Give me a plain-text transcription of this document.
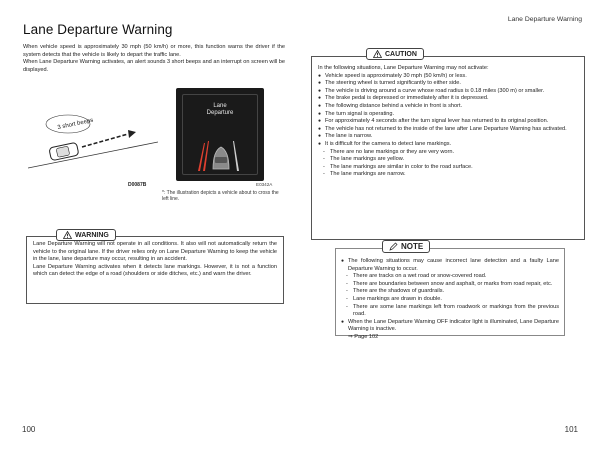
Lane Departure Warning
Lane Departure Warning

When vehicle speed is approximately 30 mph (50 km/h) or more, this function warns the driver if the system detects that the vehicle is likely to depart the traffic lane.

When Lane Departure Warning activates, an alert sounds 3 short beeps and an interrupt on screen will be displayed.

3 short beeps
D0087B
Lane
Departure
E0342A
*: The illustration depicts a vehicle about to cross the left line.

Lane Departure Warning will not operate in all conditions. It also will not automatically return the vehicle to the original lane. If the driver relies only on Lane Departure Warning to keep the vehicle in the lane, lane departure may occur, resulting in an accident.

Lane Departure Warning activates when it detects lane markings. However, it is not a function which can detect the edge of a road (shoulders or side ditches, etc.) and warn the driver.

WARNING
In the following situations, Lane Departure Warning may not activate:
● Vehicle speed is approximately 30 mph (50 km/h) or less.
● The steering wheel is turned significantly to either side.
● The vehicle is driving around a curve whose road radius is 0.18 miles (300 m) or smaller.
● The brake pedal is depressed or immediately after it is depressed.
● The following distance behind a vehicle in front is short.
● The turn signal is operating.
● For approximately 4 seconds after the turn signal lever has returned to its original position.
● The vehicle has not returned to the inside of the lane after Lane Departure Warning has activated.
● The lane is narrow.
● It is difficult for the camera to detect lane markings.
- There are no lane markings or they are very worn.
- The lane markings are yellow.
- The lane markings are similar in color to the road surface.
- The lane markings are narrow.
CAUTION
● The following situations may cause incorrect lane detection and a faulty Lane Departure Warning to occur.
- There are tracks on a wet road or snow-covered road.
- There are boundaries between snow and asphalt, or marks from road repair, etc.
- There are the shadows of guardrails.
- Lane markings are drawn in double.
- There are some lane markings left from roadwork or markings from the previous road.
● When the Lane Departure Warning OFF indicator light is illuminated, Lane Departure Warning is inactive.
⇒ Page 102
NOTE
100	101
